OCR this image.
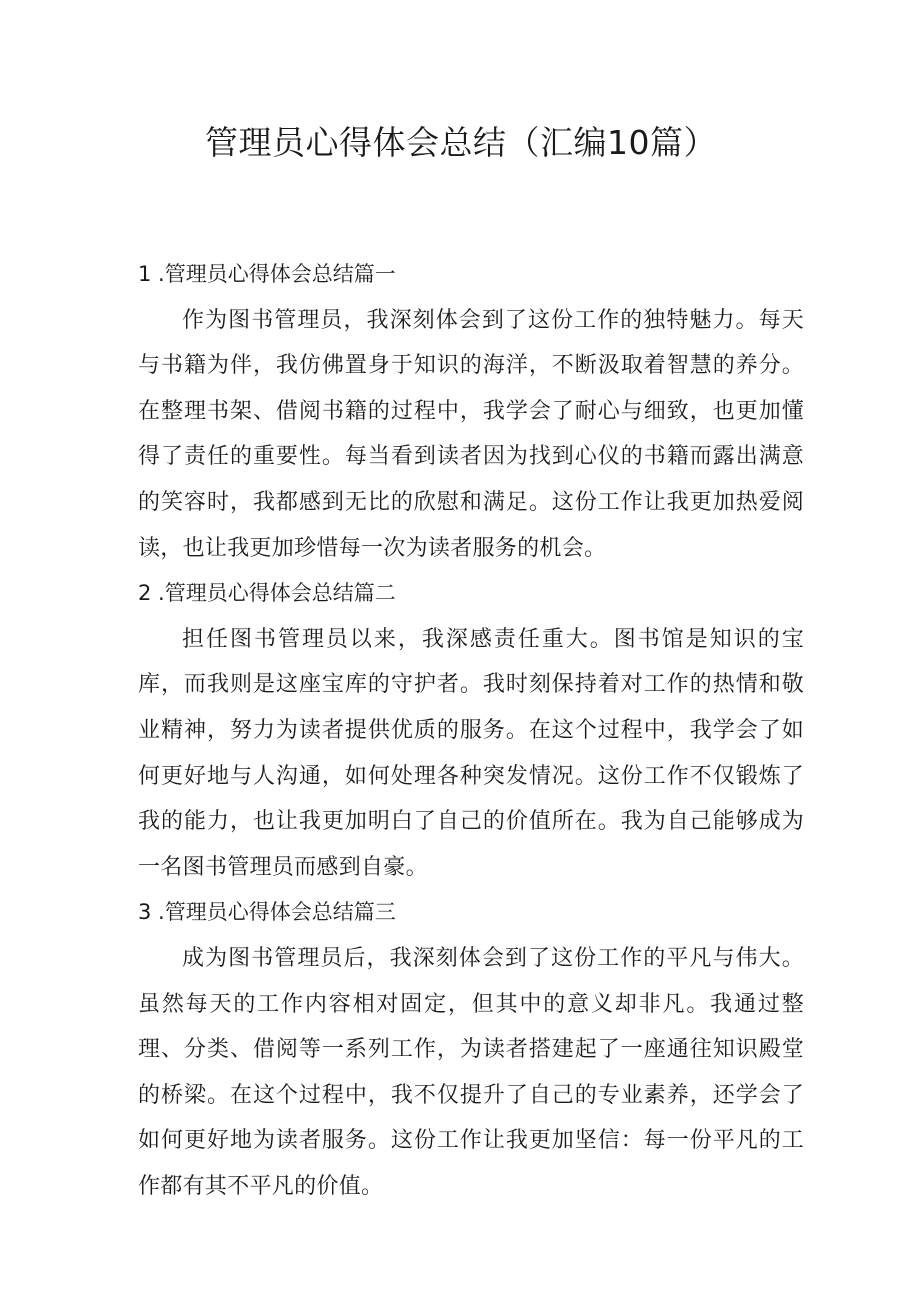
管理员心得体会总结（汇编10篇）
1 .管理员心得体会总结篇一

作为图书管理员，我深刻体会到了这份工作的独特魅力。每天与书籍为伴，我仿佛置身于知识的海洋，不断汲取着智慧的养分。在整理书架、借阅书籍的过程中，我学会了耐心与细致，也更加懂得了责任的重要性。每当看到读者因为找到心仪的书籍而露出满意的笑容时，我都感到无比的欣慰和满足。这份工作让我更加热爱阅读，也让我更加珍惜每一次为读者服务的机会。

2 .管理员心得体会总结篇二

担任图书管理员以来，我深感责任重大。图书馆是知识的宝库，而我则是这座宝库的守护者。我时刻保持着对工作的热情和敬业精神，努力为读者提供优质的服务。在这个过程中，我学会了如何更好地与人沟通，如何处理各种突发情况。这份工作不仅锻炼了我的能力，也让我更加明白了自己的价值所在。我为自己能够成为一名图书管理员而感到自豪。

3 .管理员心得体会总结篇三

成为图书管理员后，我深刻体会到了这份工作的平凡与伟大。虽然每天的工作内容相对固定，但其中的意义却非凡。我通过整理、分类、借阅等一系列工作，为读者搭建起了一座通往知识殿堂的桥梁。在这个过程中，我不仅提升了自己的专业素养，还学会了如何更好地为读者服务。这份工作让我更加坚信：每一份平凡的工作都有其不平凡的价值。
